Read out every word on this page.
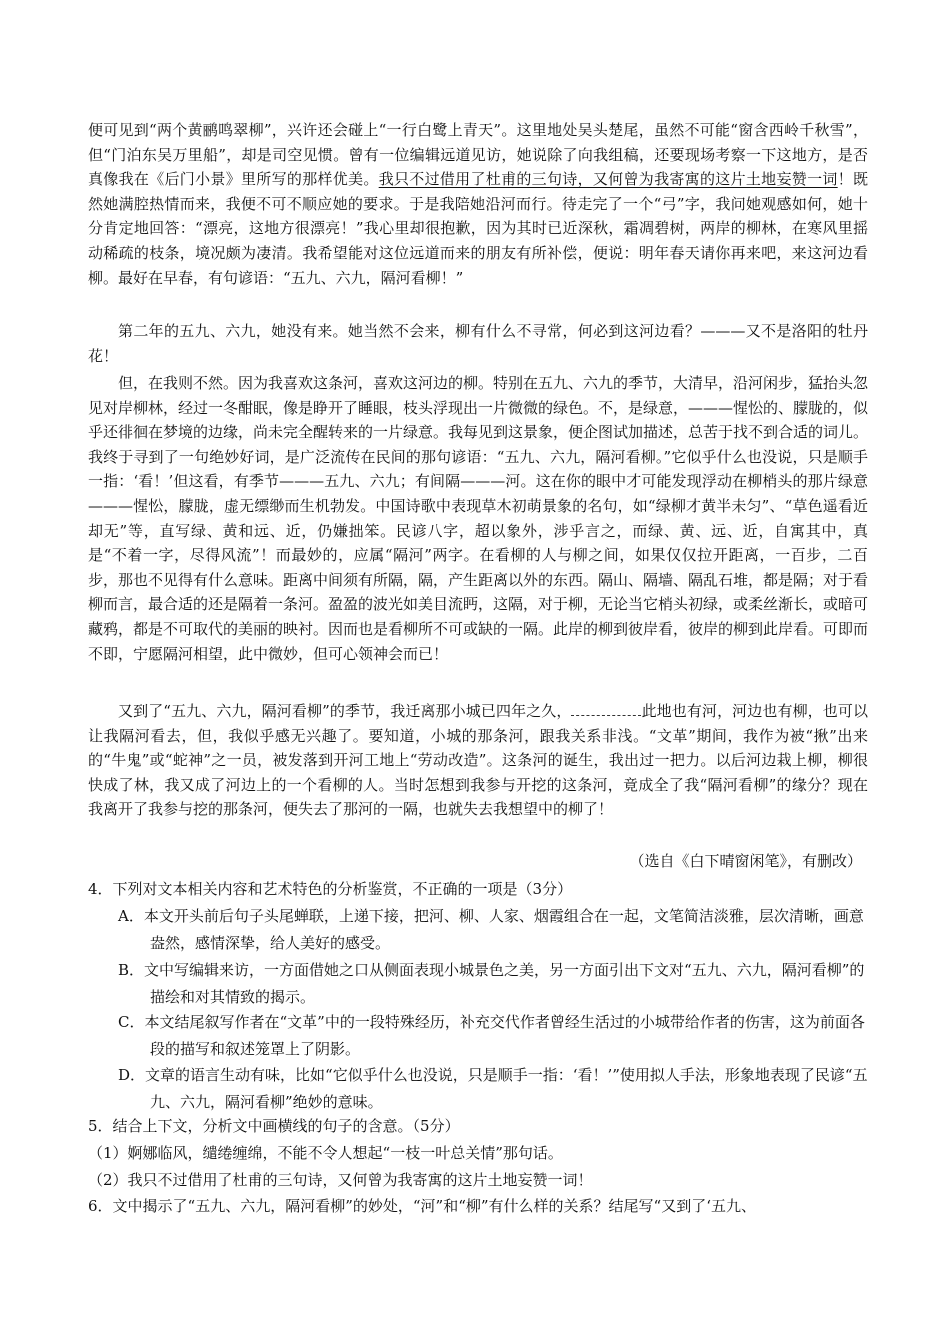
便可见到“两个黄鹂鸣翠柳”，兴许还会碰上“一行白鹭上青天”。这里地处吴头楚尾，虽然不可能“窗含西岭千秋雪”，但“门泊东吴万里船”，却是司空见惯。曾有一位编辑远道见访，她说除了向我组稿，还要现场考察一下这地方，是否真像我在《后门小景》里所写的那样优美。我只不过借用了杜甫的三句诗，又何曾为我寄寓的这片土地妄赞一词！既然她满腔热情而来，我便不可不顺应她的要求。于是我陪她沿河而行。待走完了一个“弓”字，我问她观感如何，她十分肯定地回答：“漂亮，这地方很漂亮！”我心里却很抱歉，因为其时已近深秋，霜凋碧树，两岸的柳林，在寒风里摇动稀疏的枝条，境况颇为凄清。我希望能对这位远道而来的朋友有所补偿，便说：明年春天请你再来吧，来这河边看柳。最好在早春，有句谚语：“五九、六九，隔河看柳！”

第二年的五九、六九，她没有来。她当然不会来，柳有什么不寻常，何必到这河边看？———又不是洛阳的牡丹花！

但，在我则不然。因为我喜欢这条河，喜欢这河边的柳。特别在五九、六九的季节，大清早，沿河闲步，猛抬头忽见对岸柳林，经过一冬酣眠，像是睁开了睡眼，枝头浮现出一片微微的绿色。不，是绿意，———惺忪的、朦胧的，似乎还徘徊在梦境的边缘，尚未完全醒转来的一片绿意。我每见到这景象，便企图试加描述，总苦于找不到合适的词儿。我终于寻到了一句绝妙好词，是广泛流传在民间的那句谚语：“五九、六九，隔河看柳。”它似乎什么也没说，只是顺手一指：‘看！’但这看，有季节———五九、六九；有间隔———河。这在你的眼中才可能发现浮动在柳梢头的那片绿意———惺忪，朦胧，虚无缥缈而生机勃发。中国诗歌中表现草木初萌景象的名句，如“绿柳才黄半未匀”、“草色遥看近却无”等，直写绿、黄和远、近，仍嫌拙笨。民谚八字，超以象外，涉乎言之，而绿、黄、远、近，自寓其中，真是“不着一字，尽得风流”！而最妙的，应属“隔河”两字。在看柳的人与柳之间，如果仅仅拉开距离，一百步，二百步，那也不见得有什么意味。距离中间须有所隔，隔，产生距离以外的东西。隔山、隔墙、隔乱石堆，都是隔；对于看柳而言，最合适的还是隔着一条河。盈盈的波光如美目流眄，这隔，对于柳，无论当它梢头初绿，或柔丝渐长，或暗可藏鸦，都是不可取代的美丽的映衬。因而也是看柳所不可或缺的一隔。此岸的柳到彼岸看，彼岸的柳到此岸看。可即而不即，宁愿隔河相望，此中微妙，但可心领神会而已！

又到了“五九、六九，隔河看柳”的季节，我迁离那小城已四年之久，	此地也有河，河边也有柳，也可以让我隔河看去，但，我似乎感无兴趣了。要知道，小城的那条河，跟我关系非浅。“文革”期间，我作为被“揪”出来的“牛鬼”或“蛇神”之一员，被发落到开河工地上“劳动改造”。这条河的诞生，我出过一把力。以后河边栽上柳，柳很快成了林，我又成了河边上的一个看柳的人。当时怎想到我参与开挖的这条河，竟成全了我“隔河看柳”的缘分？现在我离开了我参与挖的那条河，便失去了那河的一隔，也就失去我想望中的柳了！

（选自《白下晴窗闲笔》，有删改）
4．下列对文本相关内容和艺术特色的分析鉴赏，不正确的一项是（3分）
A．本文开头前后句子头尾蝉联，上递下接，把河、柳、人家、烟霞组合在一起，文笔简洁淡雅，层次清晰，画意盎然，感情深挚，给人美好的感受。
B．文中写编辑来访，一方面借她之口从侧面表现小城景色之美，另一方面引出下文对“五九、六九，隔河看柳”的描绘和对其情致的揭示。
C．本文结尾叙写作者在“文革”中的一段特殊经历，补充交代作者曾经生活过的小城带给作者的伤害，这为前面各段的描写和叙述笼罩上了阴影。
D．文章的语言生动有味，比如“它似乎什么也没说，只是顺手一指：‘看！’”使用拟人手法，形象地表现了民谚“五九、六九，隔河看柳”绝妙的意味。
5．结合上下文，分析文中画横线的句子的含意。（5分）
（1）婀娜临风，缱绻缠绵，不能不令人想起“一枝一叶总关情”那句话。
（2）我只不过借用了杜甫的三句诗，又何曾为我寄寓的这片土地妄赞一词！
6．文中揭示了“五九、六九，隔河看柳”的妙处，“河”和“柳”有什么样的关系？结尾写“又到了‘五九、
